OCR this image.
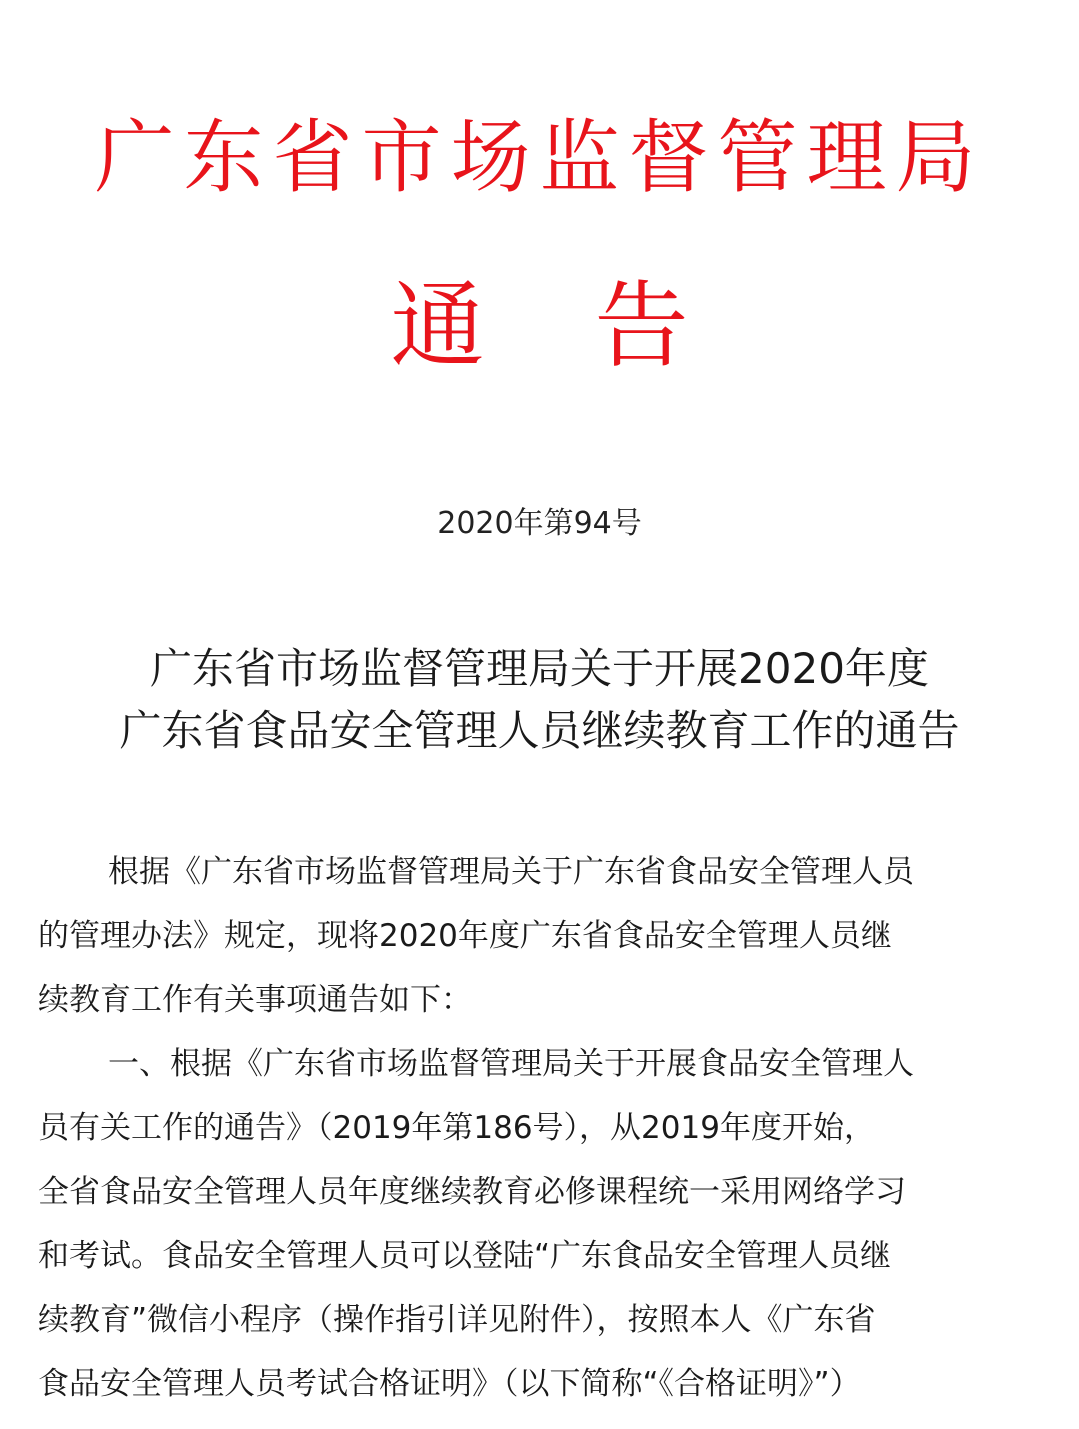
广东省市场监督管理局
通 告
2020年第94号
广东省市场监督管理局关于开展2020年度
广东省食品安全管理人员继续教育工作的通告
根据《广东省市场监督管理局关于广东省食品安全管理人员
的管理办法》规定，现将2020年度广东省食品安全管理人员继
续教育工作有关事项通告如下：
一、根据《广东省市场监督管理局关于开展食品安全管理人
员有关工作的通告》（2019年第186号），从2019年度开始，
全省食品安全管理人员年度继续教育必修课程统一采用网络学习
和考试。食品安全管理人员可以登陆“广东食品安全管理人员继
续教育”微信小程序（操作指引详见附件），按照本人《广东省
食品安全管理人员考试合格证明》（以下简称“《合格证明》”）
